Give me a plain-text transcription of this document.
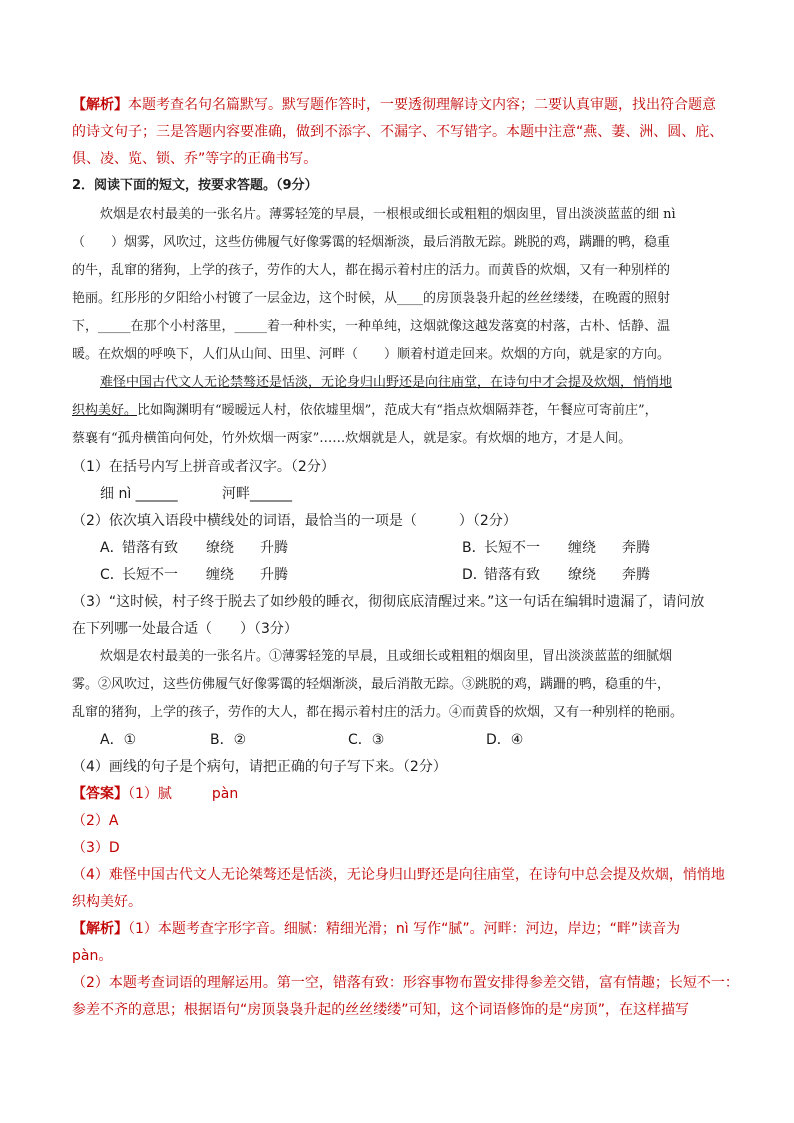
【解析】本题考查名句名篇默写。默写题作答时，一要透彻理解诗文内容；二要认真审题，找出符合题意
的诗文句子；三是答题内容要准确，做到不添字、不漏字、不写错字。本题中注意“燕、萋、洲、圆、庇、
俱、凌、览、锁、乔”等字的正确书写。
2．阅读下面的短文，按要求答题。（9分）
炊烟是农村最美的一张名片。薄雾轻笼的早晨，一根根或细长或粗粗的烟囱里，冒出淡淡蓝蓝的细 nì
（　　）烟雾，风吹过，这些仿佛履气好像雾霭的轻烟渐淡，最后消散无踪。跳脱的鸡，蹒跚的鸭，稳重
的牛，乱窜的猪狗，上学的孩子，劳作的大人，都在揭示着村庄的活力。而黄昏的炊烟，又有一种别样的
艳丽。红彤彤的夕阳给小村镀了一层金边，这个时候，从____的房顶袅袅升起的丝丝缕缕，在晚霞的照射
下，_____在那个小村落里，_____着一种朴实，一种单纯，这烟就像这越发落寞的村落，古朴、恬静、温
暖。在炊烟的呼唤下，人们从山间、田里、河畔（　　）顺着村道走回来。炊烟的方向，就是家的方向。
难怪中国古代文人无论禁骜还是恬淡，无论身归山野还是向往庙堂，在诗句中才会提及炊烟，悄悄地
织构美好。比如陶渊明有“暧暧远人村，依依墟里烟”，范成大有“指点炊烟隔莽苍，午餐应可寄前庄”，
蔡襄有“孤舟横笛向何处，竹外炊烟一两家”……炊烟就是人，就是家。有炊烟的地方，才是人间。
（1）在括号内写上拼音或者汉字。（2分）
细 nì ______	河畔______
（2）依次填入语段中横线处的词语，最恰当的一项是（　　　）（2分）
A．错落有致 缭绕 升腾	B．长短不一 缠绕 奔腾
C．长短不一 缠绕 升腾	D．错落有致 缭绕 奔腾
（3）“这时候，村子终于脱去了如纱般的睡衣，彻彻底底清醒过来。”这一句话在编辑时遗漏了，请问放
在下列哪一处最合适（　　）（3分）
炊烟是农村最美的一张名片。①薄雾轻笼的早晨，且或细长或粗粗的烟囱里，冒出淡淡蓝蓝的细腻烟
雾。②风吹过，这些仿佛履气好像雾霭的轻烟渐淡，最后消散无踪。③跳脱的鸡，蹒跚的鸭，稳重的牛，
乱窜的猪狗，上学的孩子，劳作的大人，都在揭示着村庄的活力。④而黄昏的炊烟，又有一种别样的艳丽。
A．①	B．②	C．③	D．④
（4）画线的句子是个病句，请把正确的句子写下来。（2分）
【答案】（1）腻	pàn
（2）A
（3）D
（4）难怪中国古代文人无论桀骜还是恬淡，无论身归山野还是向往庙堂，在诗句中总会提及炊烟，悄悄地
织构美好。
【解析】（1）本题考查字形字音。细腻：精细光滑；nì 写作“腻”。河畔：河边，岸边；“畔”读音为
pàn。
（2）本题考查词语的理解运用。第一空，错落有致：形容事物布置安排得参差交错，富有情趣；长短不一：
参差不齐的意思；根据语句“房顶袅袅升起的丝丝缕缕”可知，这个词语修饰的是“房顶”，在这样描写
